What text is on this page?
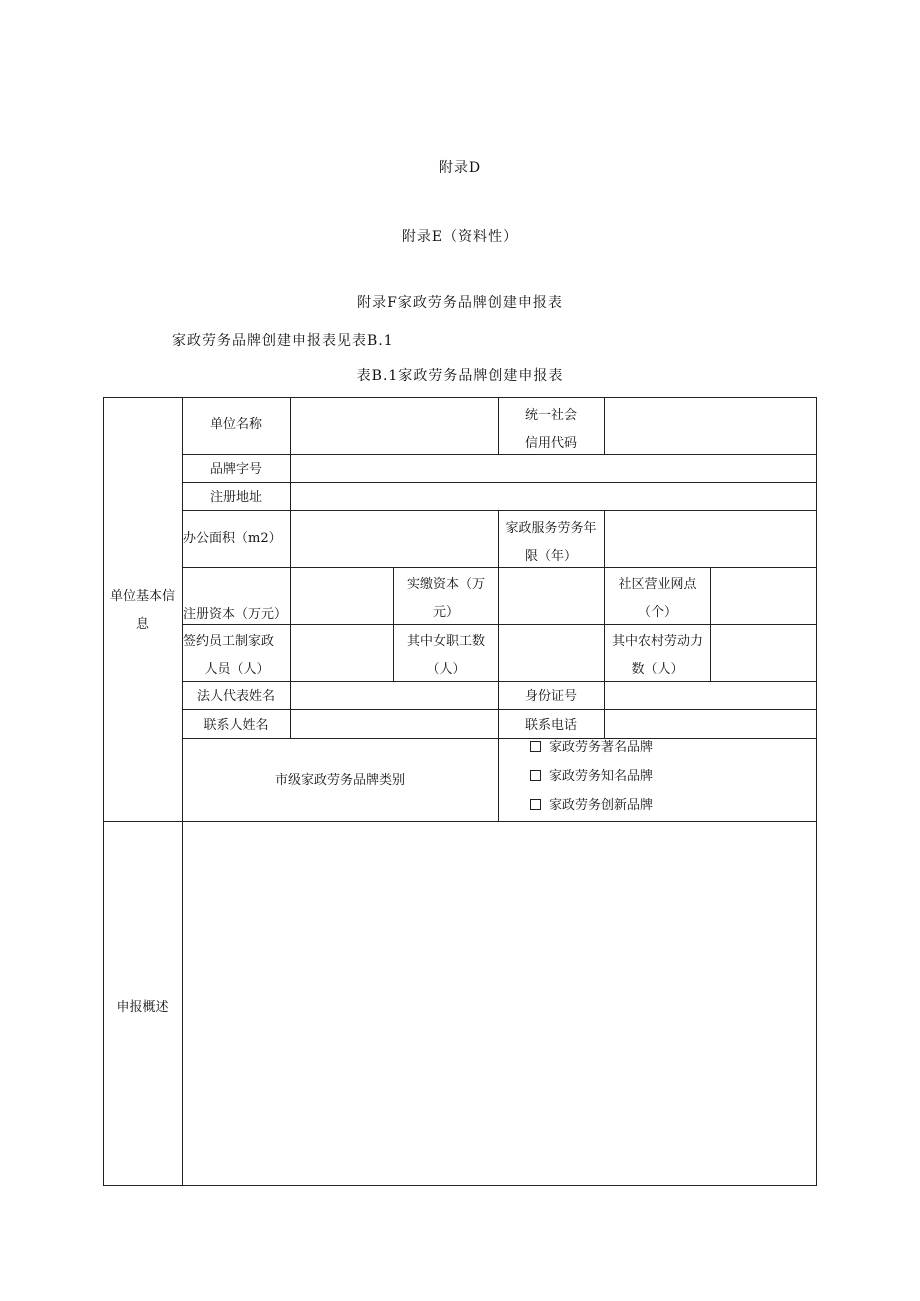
附录D
附录E（资料性）
附录F家政劳务品牌创建申报表
家政劳务品牌创建申报表见表B.1
表B.1家政劳务品牌创建申报表
单位基本信
息
申报概述
单位名称
统一社会
信用代码
品牌字号
注册地址
办公面积（m2）
家政服务劳务年
限（年）
注册资本（万元）
实缴资本（万
元）
社区营业网点
（个）
签约员工制家政
人员（人）
其中女职工数
（人）
其中农村劳动力
数（人）
法人代表姓名	身份证号
联系人姓名	联系电话
市级家政劳务品牌类别
家政劳务著名品牌
家政劳务知名品牌
家政劳务创新品牌
